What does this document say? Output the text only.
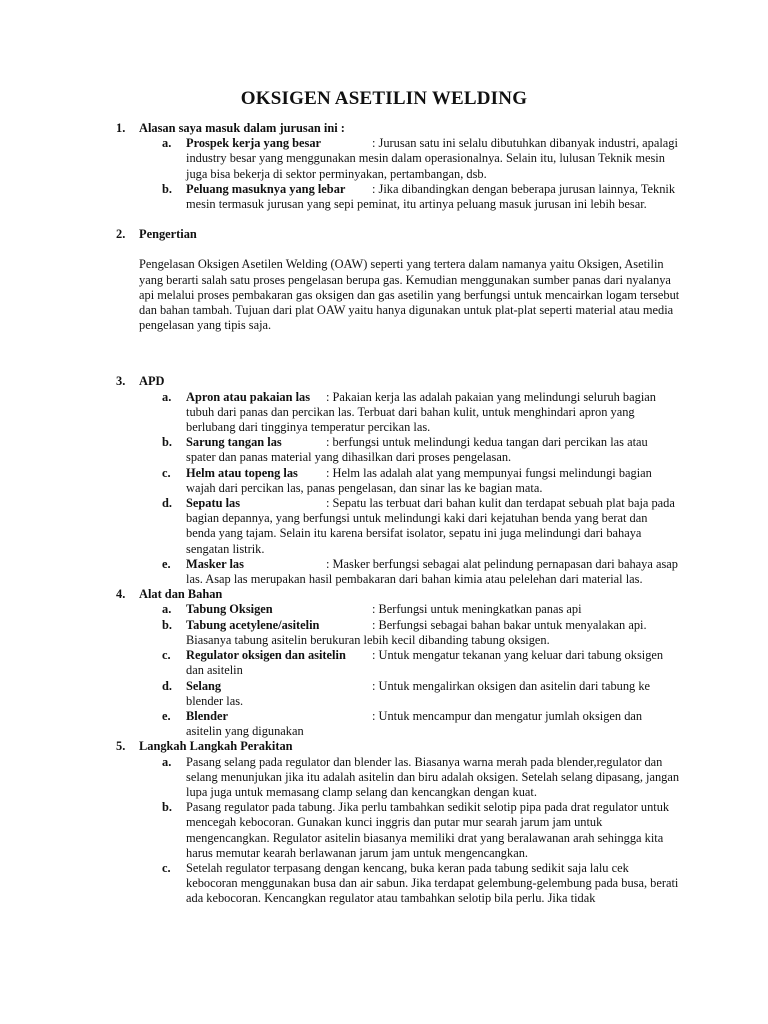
OKSIGEN ASETILIN WELDING
1. Alasan saya masuk dalam jurusan ini :
a. Prospek kerja yang besar	: Jurusan satu ini selalu dibutuhkan dibanyak industri, apalagi industry besar yang menggunakan mesin dalam operasionalnya. Selain itu, lulusan Teknik mesin juga bisa bekerja di sektor perminyakan, pertambangan, dsb.
b. Peluang masuknya yang lebar : Jika dibandingkan dengan beberapa jurusan lainnya, Teknik mesin termasuk jurusan yang sepi peminat, itu artinya peluang masuk jurusan ini lebih besar.
2. Pengertian
Pengelasan Oksigen Asetilen Welding (OAW) seperti yang tertera dalam namanya yaitu Oksigen, Asetilin yang berarti salah satu proses pengelasan berupa gas. Kemudian menggunakan sumber panas dari nyalanya api melalui proses pembakaran gas oksigen dan gas asetilin yang berfungsi untuk mencairkan logam tersebut dan bahan tambah. Tujuan dari plat OAW yaitu hanya digunakan untuk plat-plat seperti material atau media pengelasan yang tipis saja.
3. APD
a. Apron atau pakaian las : Pakaian kerja las adalah pakaian yang melindungi seluruh bagian tubuh dari panas dan percikan las. Terbuat dari bahan kulit, untuk menghindari apron yang berlubang dari tingginya temperatur percikan las.
b. Sarung tangan las	: berfungsi untuk melindungi kedua tangan dari percikan las atau spater dan panas material yang dihasilkan dari proses pengelasan.
c. Helm atau topeng las : Helm las adalah alat yang mempunyai fungsi melindungi bagian wajah dari percikan las, panas pengelasan, dan sinar las ke bagian mata.
d. Sepatu las	: Sepatu las terbuat dari bahan kulit dan terdapat sebuah plat baja pada bagian depannya, yang berfungsi untuk melindungi kaki dari kejatuhan benda yang berat dan benda yang tajam. Selain itu karena bersifat isolator, sepatu ini juga melindungi dari bahaya sengatan listrik.
e. Masker las	: Masker berfungsi sebagai alat pelindung pernapasan dari bahaya asap las. Asap las merupakan hasil pembakaran dari bahan kimia atau pelelehan dari material las.
4. Alat dan Bahan
a. Tabung Oksigen	: Berfungsi untuk meningkatkan panas api
b. Tabung acetylene/asitelin	: Berfungsi sebagai bahan bakar untuk menyalakan api. Biasanya tabung asitelin berukuran lebih kecil dibanding tabung oksigen.
c. Regulator oksigen dan asitelin : Untuk mengatur tekanan yang keluar dari tabung oksigen dan asitelin
d. Selang	: Untuk mengalirkan oksigen dan asitelin dari tabung ke blender las.
e. Blender	: Untuk mencampur dan mengatur jumlah oksigen dan asitelin yang digunakan
5. Langkah Langkah Perakitan
a. Pasang selang pada regulator dan blender las. Biasanya warna merah pada blender,regulator dan selang menunjukan jika itu adalah asitelin dan biru adalah oksigen. Setelah selang dipasang, jangan lupa juga untuk memasang clamp selang dan kencangkan dengan kuat.
b. Pasang regulator pada tabung. Jika perlu tambahkan sedikit selotip pipa pada drat regulator untuk mencegah kebocoran. Gunakan kunci inggris dan putar mur searah jarum jam untuk mengencangkan. Regulator asitelin biasanya memiliki drat yang beralawanan arah sehingga kita harus memutar kearah berlawanan jarum jam untuk mengencangkan.
c. Setelah regulator terpasang dengan kencang, buka keran pada tabung sedikit saja lalu cek kebocoran menggunakan busa dan air sabun. Jika terdapat gelembung-gelembung pada busa, berati ada kebocoran. Kencangkan regulator atau tambahkan selotip bila perlu. Jika tidak
